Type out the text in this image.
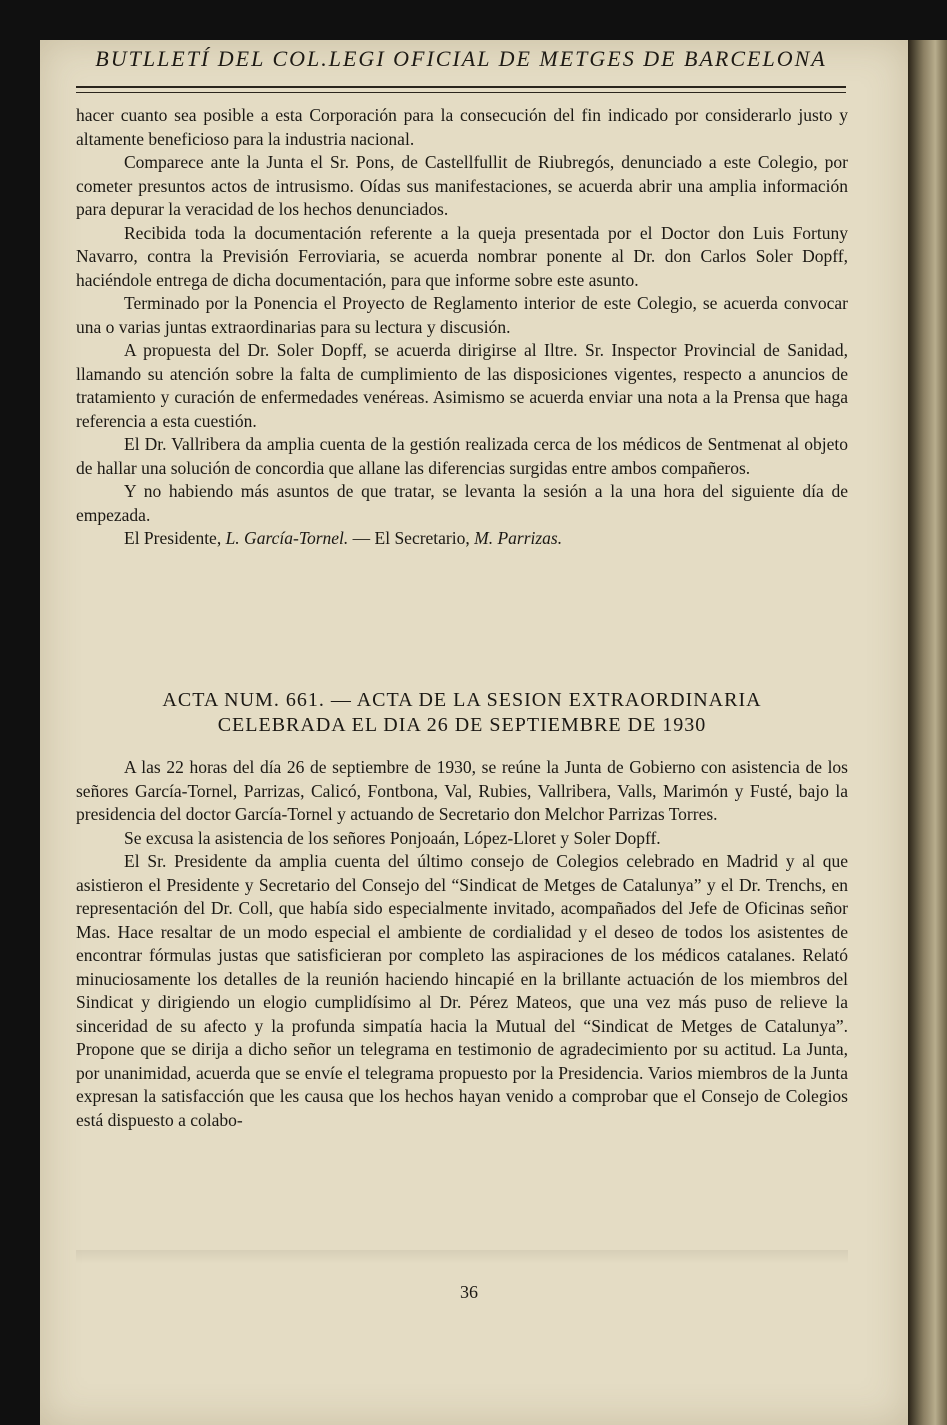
BUTLLETÍ DEL COL.LEGI OFICIAL DE METGES DE BARCELONA

hacer cuanto sea posible a esta Corporación para la consecución del fin indicado por considerarlo justo y altamente beneficioso para la industria nacional.

Comparece ante la Junta el Sr. Pons, de Castellfullit de Riubregós, denunciado a este Colegio, por cometer presuntos actos de intrusismo. Oídas sus manifestaciones, se acuerda abrir una amplia información para depurar la veracidad de los hechos denunciados.

Recibida toda la documentación referente a la queja presentada por el Doctor don Luis Fortuny Navarro, contra la Previsión Ferroviaria, se acuerda nombrar ponente al Dr. don Carlos Soler Dopff, haciéndole entrega de dicha documentación, para que informe sobre este asunto.

Terminado por la Ponencia el Proyecto de Reglamento interior de este Colegio, se acuerda convocar una o varias juntas extraordinarias para su lectura y discusión.

A propuesta del Dr. Soler Dopff, se acuerda dirigirse al Iltre. Sr. Inspector Provincial de Sanidad, llamando su atención sobre la falta de cumplimiento de las disposiciones vigentes, respecto a anuncios de tratamiento y curación de enfermedades venéreas. Asimismo se acuerda enviar una nota a la Prensa que haga referencia a esta cuestión.

El Dr. Vallribera da amplia cuenta de la gestión realizada cerca de los médicos de Sentmenat al objeto de hallar una solución de concordia que allane las diferencias surgidas entre ambos compañeros.

Y no habiendo más asuntos de que tratar, se levanta la sesión a la una hora del siguiente día de empezada.

El Presidente, L. García-Tornel. — El Secretario, M. Parrizas.

ACTA NUM. 661. — ACTA DE LA SESION EXTRAORDINARIA
CELEBRADA EL DIA 26 DE SEPTIEMBRE DE 1930

A las 22 horas del día 26 de septiembre de 1930, se reúne la Junta de Gobierno con asistencia de los señores García-Tornel, Parrizas, Calicó, Fontbona, Val, Rubies, Vallribera, Valls, Marimón y Fusté, bajo la presidencia del doctor García-Tornel y actuando de Secretario don Melchor Parrizas Torres.

Se excusa la asistencia de los señores Ponjoaán, López-Lloret y Soler Dopff.

El Sr. Presidente da amplia cuenta del último consejo de Colegios celebrado en Madrid y al que asistieron el Presidente y Secretario del Consejo del “Sindicat de Metges de Catalunya” y el Dr. Trenchs, en representación del Dr. Coll, que había sido especialmente invitado, acompañados del Jefe de Oficinas señor Mas. Hace resaltar de un modo especial el ambiente de cordialidad y el deseo de todos los asistentes de encontrar fórmulas justas que satisficieran por completo las aspiraciones de los médicos catalanes. Relató minuciosamente los detalles de la reunión haciendo hincapié en la brillante actuación de los miembros del Sindicat y dirigiendo un elogio cumplidísimo al Dr. Pérez Mateos, que una vez más puso de relieve la sinceridad de su afecto y la profunda simpatía hacia la Mutual del “Sindicat de Metges de Catalunya”. Propone que se dirija a dicho señor un telegrama en testimonio de agradecimiento por su actitud. La Junta, por unanimidad, acuerda que se envíe el telegrama propuesto por la Presidencia. Varios miembros de la Junta expresan la satisfacción que les causa que los hechos hayan venido a comprobar que el Consejo de Colegios está dispuesto a colabo-

36
